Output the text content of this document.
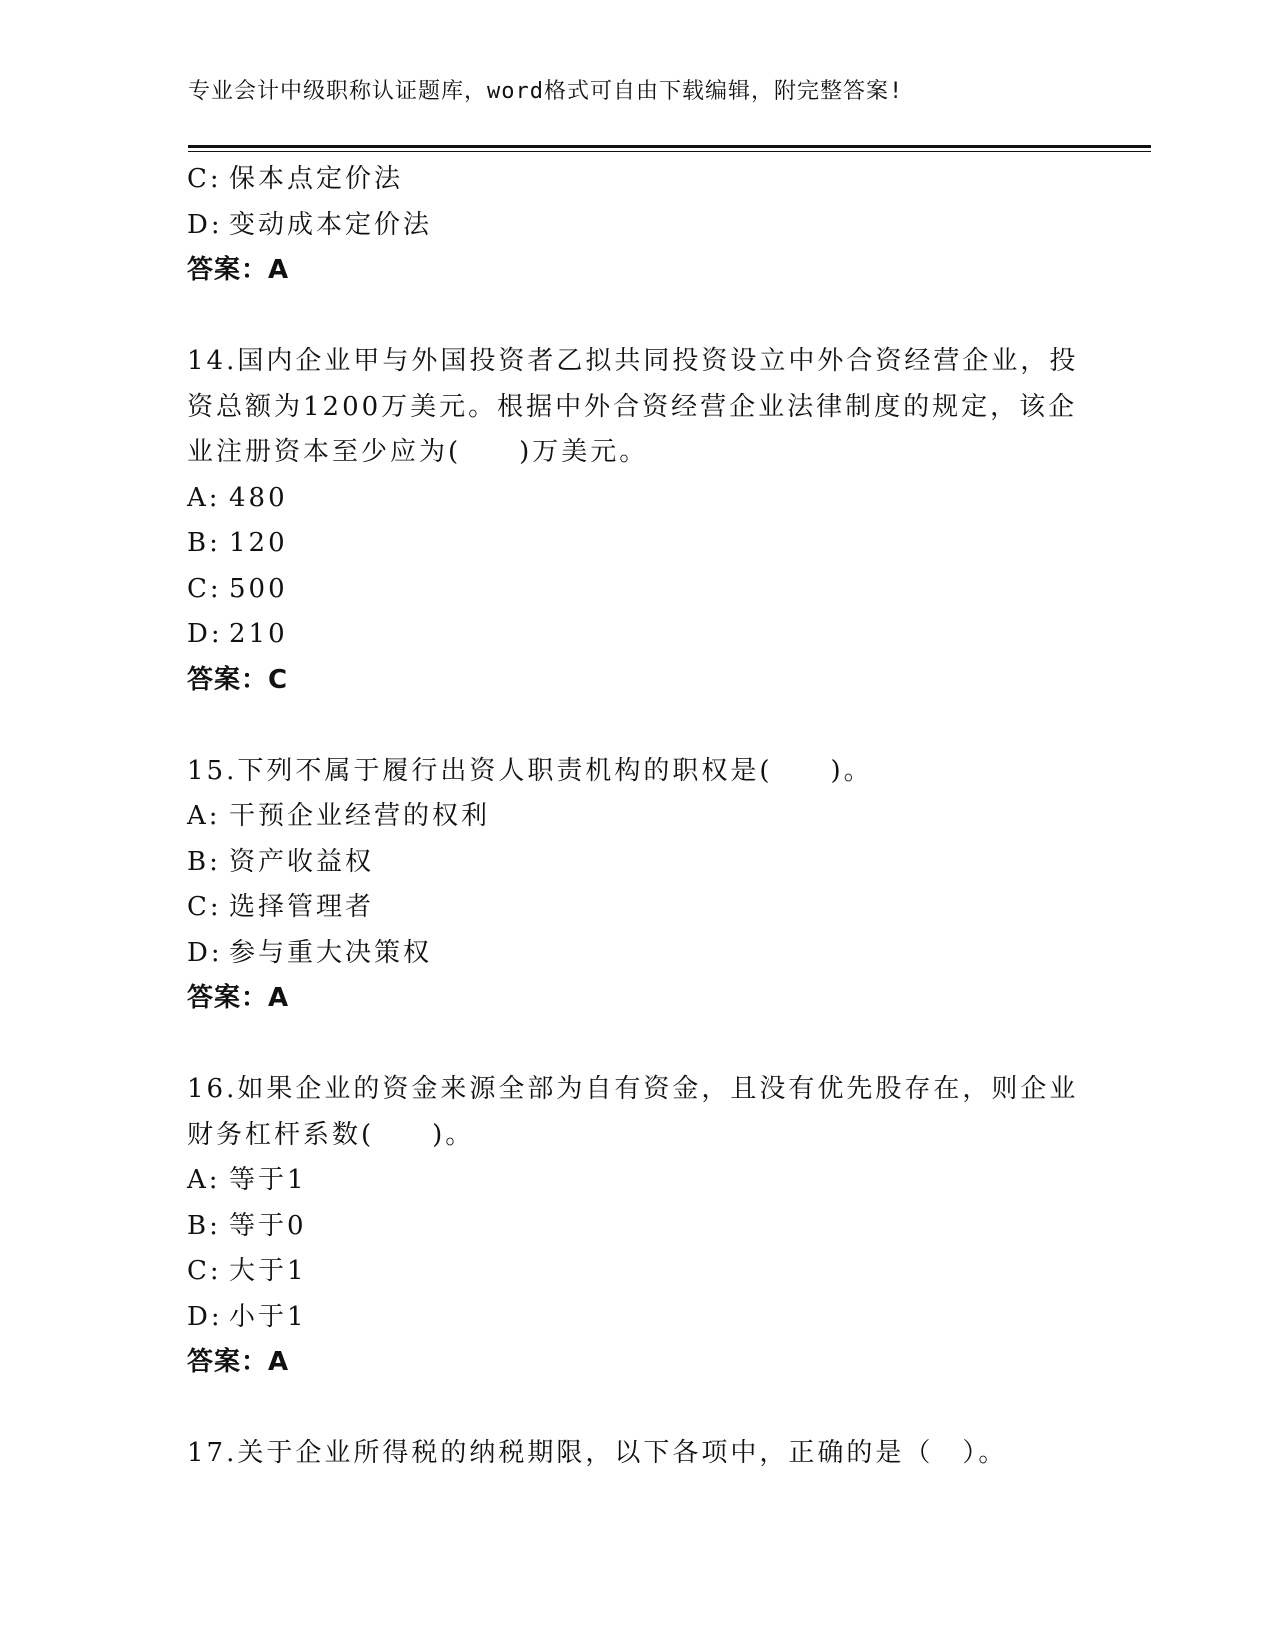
专业会计中级职称认证题库，word格式可自由下载编辑，附完整答案!
C: 保本点定价法
D: 变动成本定价法
答案：A
14.国内企业甲与外国投资者乙拟共同投资设立中外合资经营企业，投
资总额为1200万美元。根据中外合资经营企业法律制度的规定，该企
业注册资本至少应为(　　)万美元。
A: 480
B: 120
C: 500
D: 210
答案：C
15.下列不属于履行出资人职责机构的职权是(　　)。
A: 干预企业经营的权利
B: 资产收益权
C: 选择管理者
D: 参与重大决策权
答案：A
16.如果企业的资金来源全部为自有资金，且没有优先股存在，则企业
财务杠杆系数(　　)。
A: 等于1
B: 等于0
C: 大于1
D: 小于1
答案：A
17.关于企业所得税的纳税期限，以下各项中，正确的是（　）。
